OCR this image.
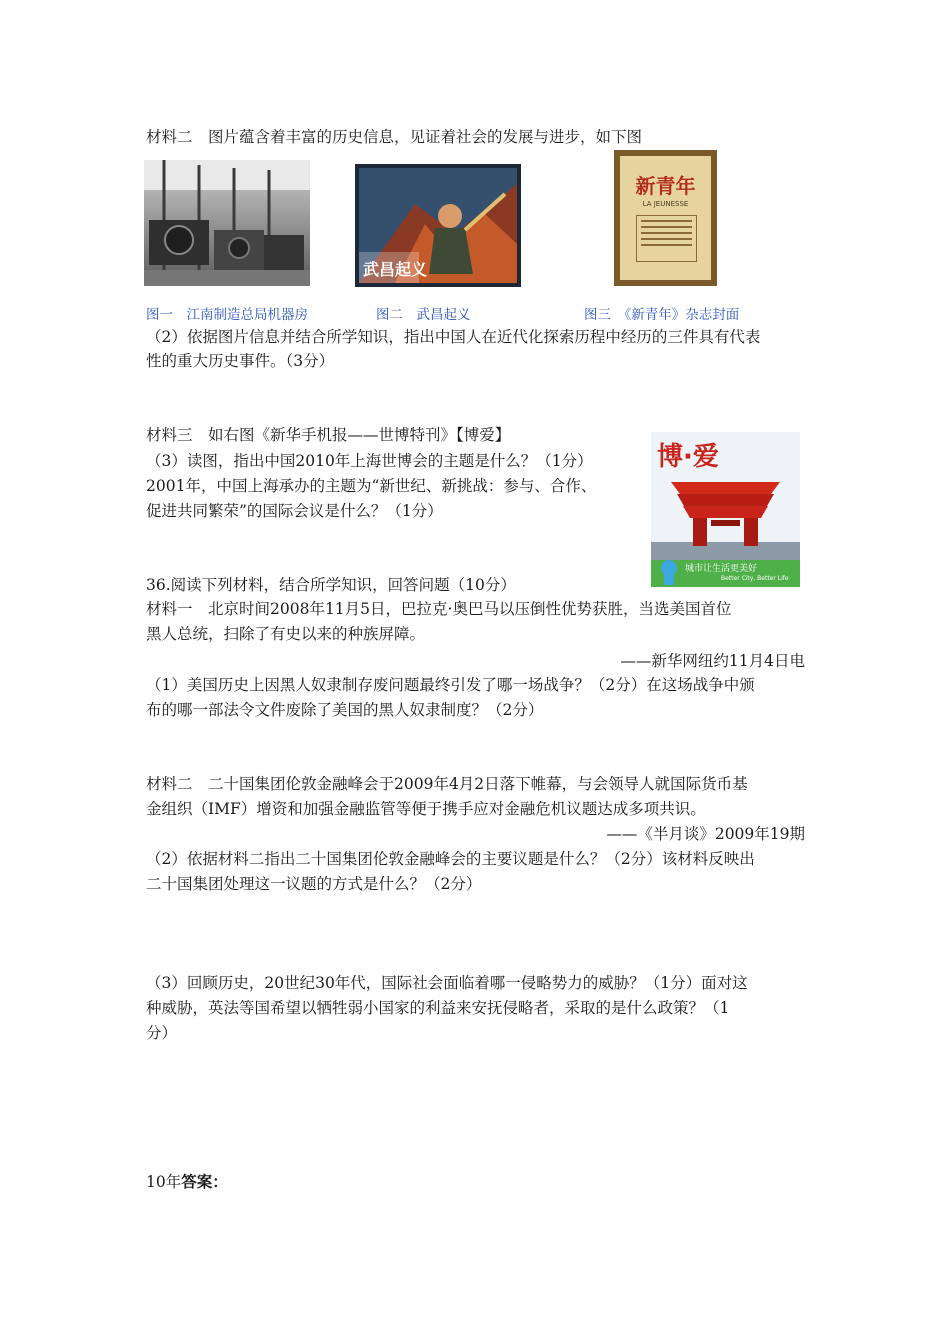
材料二　图片蕴含着丰富的历史信息，见证着社会的发展与进步，如下图
武昌起义
新青年
LA JEUNESSE
图一　江南制造总局机器房	图二　武昌起义	图三　《新青年》杂志封面
（2）依据图片信息并结合所学知识，指出中国人在近代化探索历程中经历的三件具有代表
性的重大历史事件。（3分）
材料三　如右图《新华手机报——世博特刊》【博爱】
（3）读图，指出中国2010年上海世博会的主题是什么？（1分）
2001年，中国上海承办的主题为“新世纪、新挑战：参与、合作、
促进共同繁荣”的国际会议是什么？（1分）
博·爱
城市让生活更美好
Better City, Better Life
36.阅读下列材料，结合所学知识，回答问题（10分）
材料一　北京时间2008年11月5日，巴拉克·奥巴马以压倒性优势获胜，当选美国首位
黑人总统，扫除了有史以来的种族屏障。
——新华网纽约11月4日电
（1）美国历史上因黑人奴隶制存废问题最终引发了哪一场战争？（2分）在这场战争中颁
布的哪一部法令文件废除了美国的黑人奴隶制度？（2分）
材料二　二十国集团伦敦金融峰会于2009年4月2日落下帷幕，与会领导人就国际货币基
金组织（IMF）增资和加强金融监管等便于携手应对金融危机议题达成多项共识。
——《半月谈》2009年19期
（2）依据材料二指出二十国集团伦敦金融峰会的主要议题是什么？（2分）该材料反映出
二十国集团处理这一议题的方式是什么？（2分）
（3）回顾历史，20世纪30年代，国际社会面临着哪一侵略势力的威胁？（1分）面对这
种威胁，英法等国希望以牺牲弱小国家的利益来安抚侵略者，采取的是什么政策？（1
分）
10年答案：
